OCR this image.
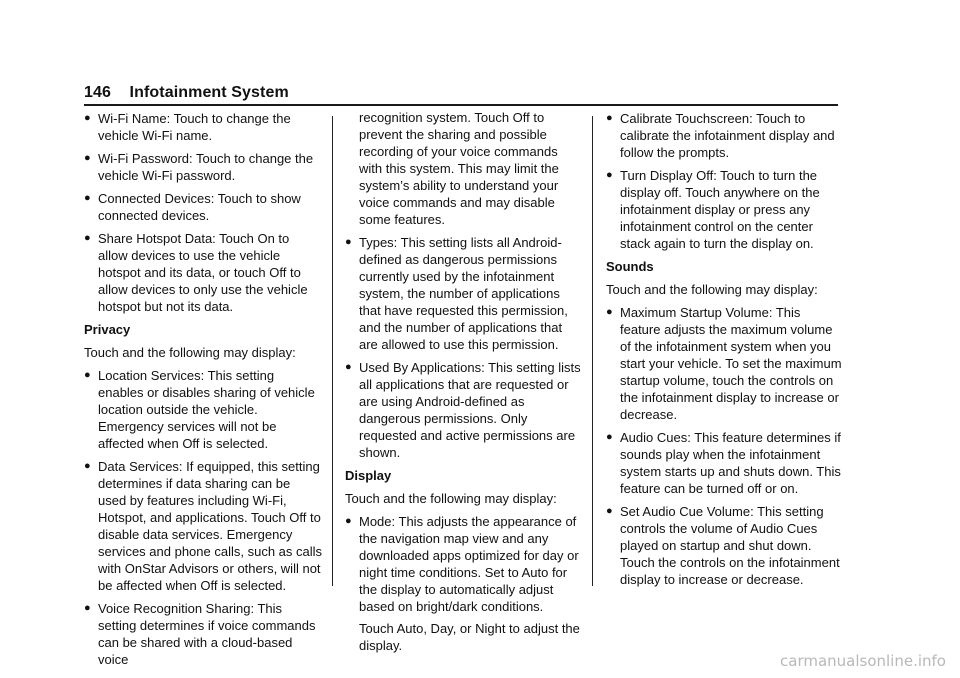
146 Infotainment System
● Wi-Fi Name: Touch to change the vehicle Wi-Fi name.
● Wi-Fi Password: Touch to change the vehicle Wi-Fi password.
● Connected Devices: Touch to show connected devices.
● Share Hotspot Data: Touch On to allow devices to use the vehicle hotspot and its data, or touch Off to allow devices to only use the vehicle hotspot but not its data.
Privacy

Touch and the following may display:

● Location Services: This setting enables or disables sharing of vehicle location outside the vehicle. Emergency services will not be affected when Off is selected.
● Data Services: If equipped, this setting determines if data sharing can be used by features including Wi-Fi, Hotspot, and applications. Touch Off to disable data services. Emergency services and phone calls, such as calls with OnStar Advisors or others, will not be affected when Off is selected.
● Voice Recognition Sharing: This setting determines if voice commands can be shared with a cloud-based voice

recognition system. Touch Off to prevent the sharing and possible recording of your voice commands with this system. This may limit the system’s ability to understand your voice commands and may disable some features.

● Types: This setting lists all Android-defined as dangerous permissions currently used by the infotainment system, the number of applications that have requested this permission, and the number of applications that are allowed to use this permission.
● Used By Applications: This setting lists all applications that are requested or are using Android-defined as dangerous permissions. Only requested and active permissions are shown.
Display

Touch and the following may display:

● Mode: This adjusts the appearance of the navigation map view and any downloaded apps optimized for day or night time conditions. Set to Auto for the display to automatically adjust based on bright/dark conditions.

Touch Auto, Day, or Night to adjust the display.

● Calibrate Touchscreen: Touch to calibrate the infotainment display and follow the prompts.
● Turn Display Off: Touch to turn the display off. Touch anywhere on the infotainment display or press any infotainment control on the center stack again to turn the display on.
Sounds

Touch and the following may display:

● Maximum Startup Volume: This feature adjusts the maximum volume of the infotainment system when you start your vehicle. To set the maximum startup volume, touch the controls on the infotainment display to increase or decrease.
● Audio Cues: This feature determines if sounds play when the infotainment system starts up and shuts down. This feature can be turned off or on.
● Set Audio Cue Volume: This setting controls the volume of Audio Cues played on startup and shut down. Touch the controls on the infotainment display to increase or decrease.
carmanualsonline.info
